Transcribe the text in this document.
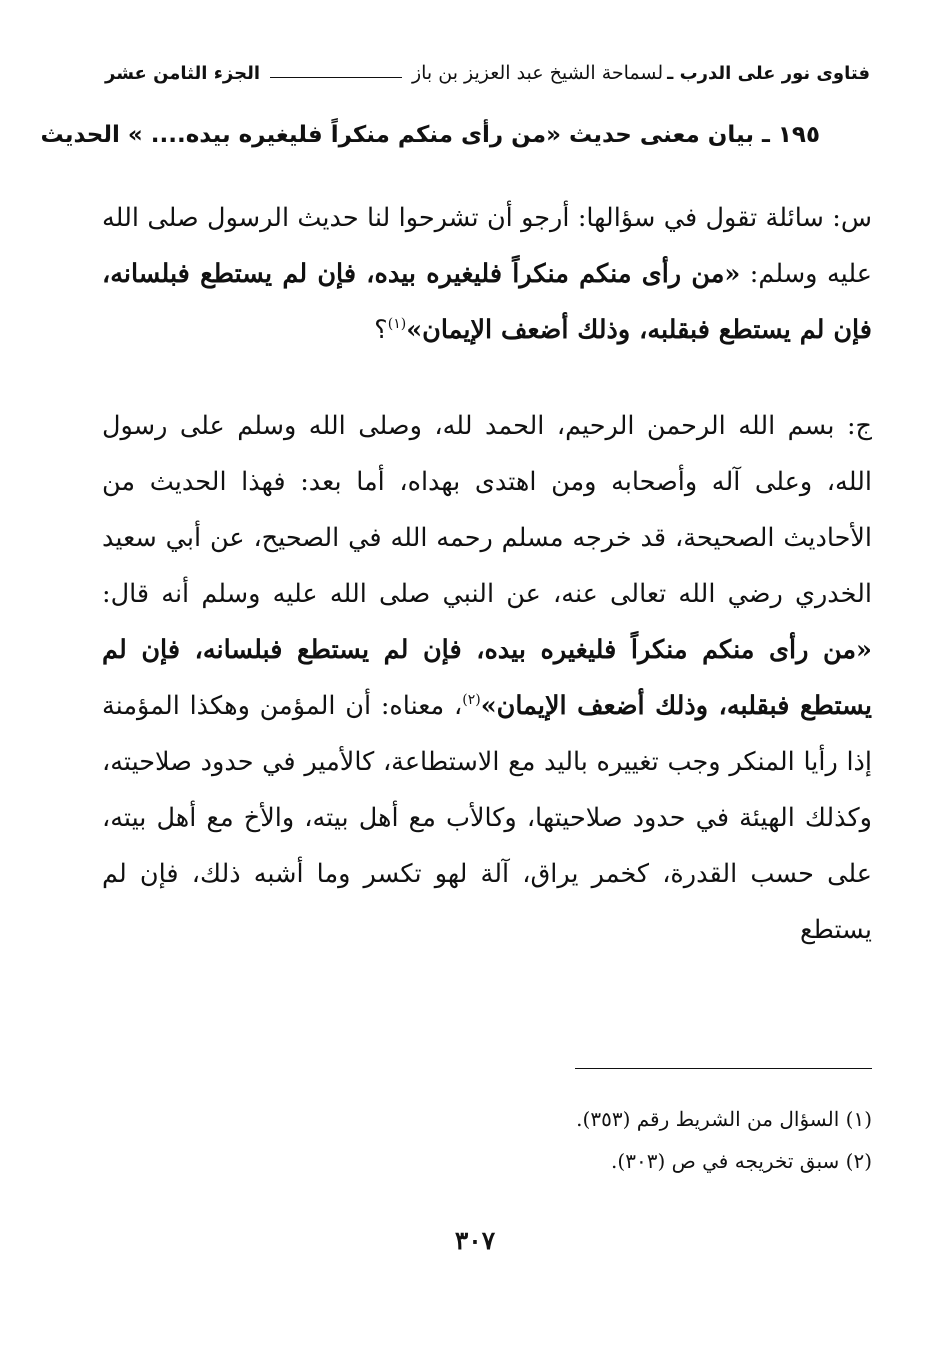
فتاوى نور على الدرب ـ
لسماحة الشيخ عبد العزيز بن باز
الجزء الثامن عشر
١٩٥ ـ بيان معنى حديث «من رأى منكم منكراً فليغيره بيده.... » الحديث
س: سائلة تقول في سؤالها: أرجو أن تشرحوا لنا حديث الرسول صلى الله عليه وسلم: «من رأى منكم منكراً فليغيره بيده، فإن لم يستطع فبلسانه، فإن لم يستطع فبقلبه، وذلك أضعف الإيمان»$^{(١)}$؟
ج: بسم الله الرحمن الرحيم، الحمد لله، وصلى الله وسلم على رسول الله، وعلى آله وأصحابه ومن اهتدى بهداه، أما بعد: فهذا الحديث من الأحاديث الصحيحة، قد خرجه مسلم رحمه الله في الصحيح، عن أبي سعيد الخدري رضي الله تعالى عنه، عن النبي صلى الله عليه وسلم أنه قال: «من رأى منكم منكراً فليغيره بيده، فإن لم يستطع فبلسانه، فإن لم يستطع فبقلبه، وذلك أضعف الإيمان»$^{(٢)}$، معناه: أن المؤمن وهكذا المؤمنة إذا رأيا المنكر وجب تغييره باليد مع الاستطاعة، كالأمير في حدود صلاحيته، وكذلك الهيئة في حدود صلاحيتها، وكالأب مع أهل بيته، والأخ مع أهل بيته، على حسب القدرة، كخمر يراق، آلة لهو تكسر وما أشبه ذلك، فإن لم يستطع
(١) السؤال من الشريط رقم (٣٥٣).
(٢) سبق تخريجه في ص (٣٠٣).
٣٠٧
